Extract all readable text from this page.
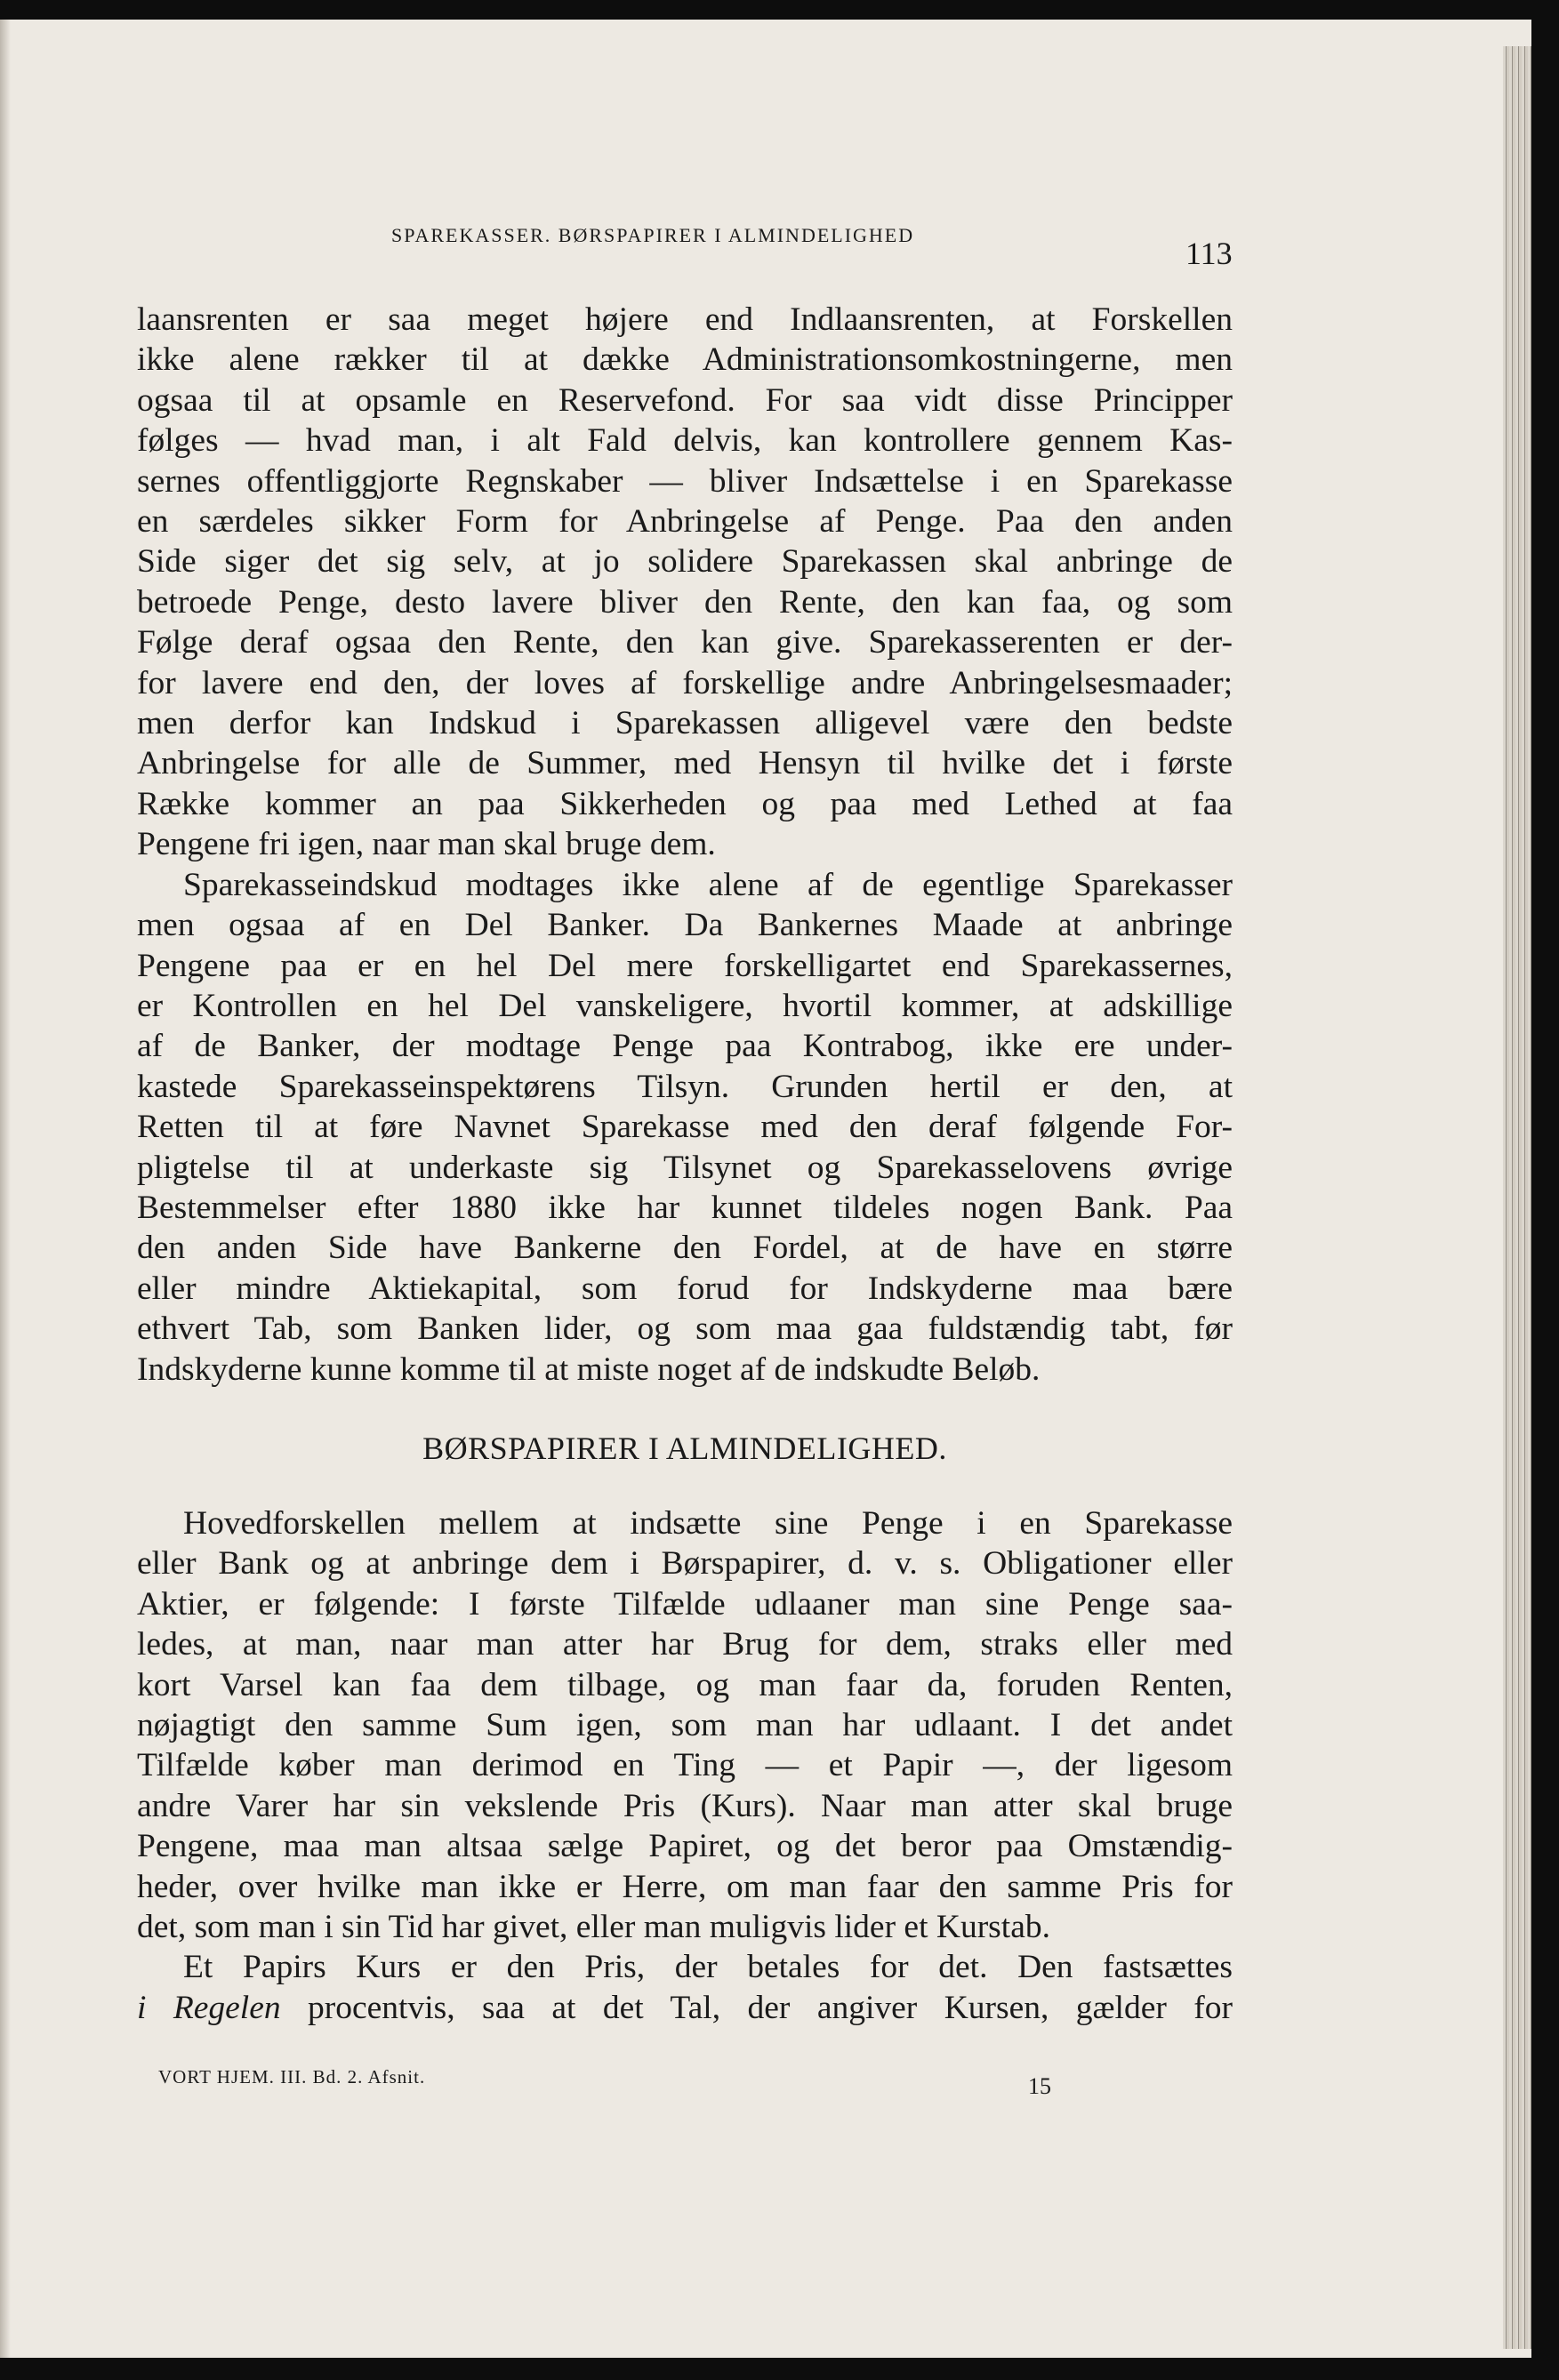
SPAREKASSER. BØRSPAPIRER I ALMINDELIGHED
113

laansrenten er saa meget højere end Indlaansrenten, at Forskellen

ikke alene rækker til at dække Administrationsomkostningerne, men

ogsaa til at opsamle en Reservefond. For saa vidt disse Principper

følges — hvad man, i alt Fald delvis, kan kontrollere gennem Kas-

sernes offentliggjorte Regnskaber — bliver Indsættelse i en Sparekasse

en særdeles sikker Form for Anbringelse af Penge. Paa den anden

Side siger det sig selv, at jo solidere Sparekassen skal anbringe de

betroede Penge, desto lavere bliver den Rente, den kan faa, og som

Følge deraf ogsaa den Rente, den kan give. Sparekasserenten er der-

for lavere end den, der loves af forskellige andre Anbringelsesmaader;

men derfor kan Indskud i Sparekassen alligevel være den bedste

Anbringelse for alle de Summer, med Hensyn til hvilke det i første

Række kommer an paa Sikkerheden og paa med Lethed at faa

Pengene fri igen, naar man skal bruge dem.

Sparekasseindskud modtages ikke alene af de egentlige Sparekasser

men ogsaa af en Del Banker. Da Bankernes Maade at anbringe

Pengene paa er en hel Del mere forskelligartet end Sparekassernes,

er Kontrollen en hel Del vanskeligere, hvortil kommer, at adskillige

af de Banker, der modtage Penge paa Kontrabog, ikke ere under-

kastede Sparekasseinspektørens Tilsyn. Grunden hertil er den, at

Retten til at føre Navnet Sparekasse med den deraf følgende For-

pligtelse til at underkaste sig Tilsynet og Sparekasselovens øvrige

Bestemmelser efter 1880 ikke har kunnet tildeles nogen Bank. Paa

den anden Side have Bankerne den Fordel, at de have en større

eller mindre Aktiekapital, som forud for Indskyderne maa bære

ethvert Tab, som Banken lider, og som maa gaa fuldstændig tabt, før

Indskyderne kunne komme til at miste noget af de indskudte Beløb.

BØRSPAPIRER I ALMINDELIGHED.

Hovedforskellen mellem at indsætte sine Penge i en Sparekasse

eller Bank og at anbringe dem i Børspapirer, d. v. s. Obligationer eller

Aktier, er følgende: I første Tilfælde udlaaner man sine Penge saa-

ledes, at man, naar man atter har Brug for dem, straks eller med

kort Varsel kan faa dem tilbage, og man faar da, foruden Renten,

nøjagtigt den samme Sum igen, som man har udlaant. I det andet

Tilfælde køber man derimod en Ting — et Papir —, der ligesom

andre Varer har sin vekslende Pris (Kurs). Naar man atter skal bruge

Pengene, maa man altsaa sælge Papiret, og det beror paa Omstændig-

heder, over hvilke man ikke er Herre, om man faar den samme Pris for

det, som man i sin Tid har givet, eller man muligvis lider et Kurstab.

Et Papirs Kurs er den Pris, der betales for det. Den fastsættes

i Regelen procentvis, saa at det Tal, der angiver Kursen, gælder for

VORT HJEM. III. Bd. 2. Afsnit.	15
